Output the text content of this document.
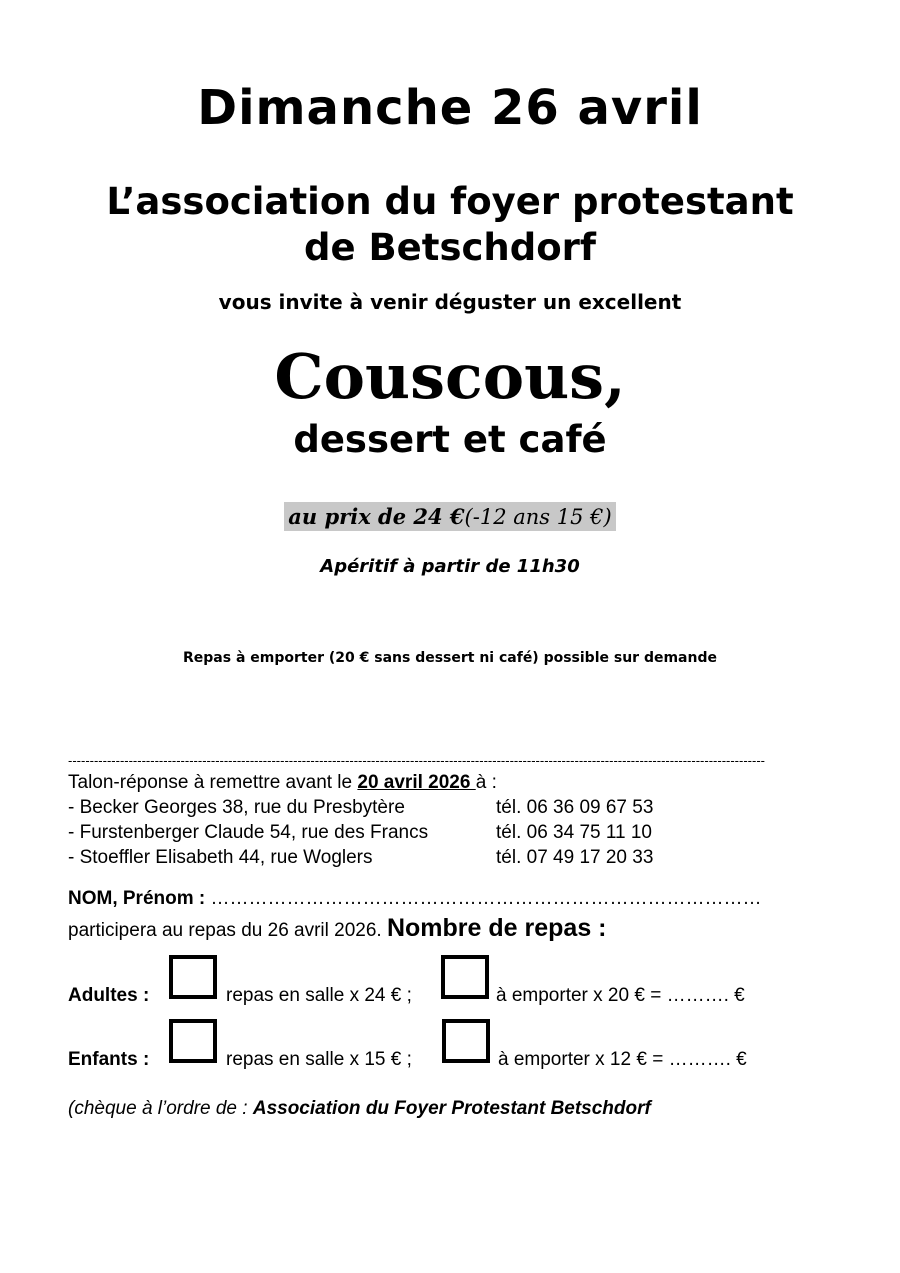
Dimanche 26 avril
L’association du foyer protestant
de Betschdorf
vous invite à venir déguster un excellent
Couscous,
dessert et café
au prix de 24 €(-12 ans 15 €)
Apéritif à partir de 11h30
Repas à emporter (20 € sans dessert ni café) possible sur demande
-----------------------------------------------------------------------------------------------------------------------------------------------------------------
Talon-réponse à remettre avant le 20 avril 2026 à :
- Becker Georges 38, rue du Presbytère	tél. 06 36 09 67 53
- Furstenberger Claude 54, rue des Francs	tél. 06 34 75 11 10
- Stoeffler Elisabeth 44, rue Woglers	tél. 07 49 17 20 33
NOM, Prénom : ……………………………………………………………………………
participera au repas du 26 avril 2026. Nombre de repas :
Adultes :	repas en salle x 24 € ;	à emporter x 20 € = ………. €
Enfants :	repas en salle x 15 € ;	à emporter x 12 € = ………. €
(chèque à l’ordre de : Association du Foyer Protestant Betschdorf
